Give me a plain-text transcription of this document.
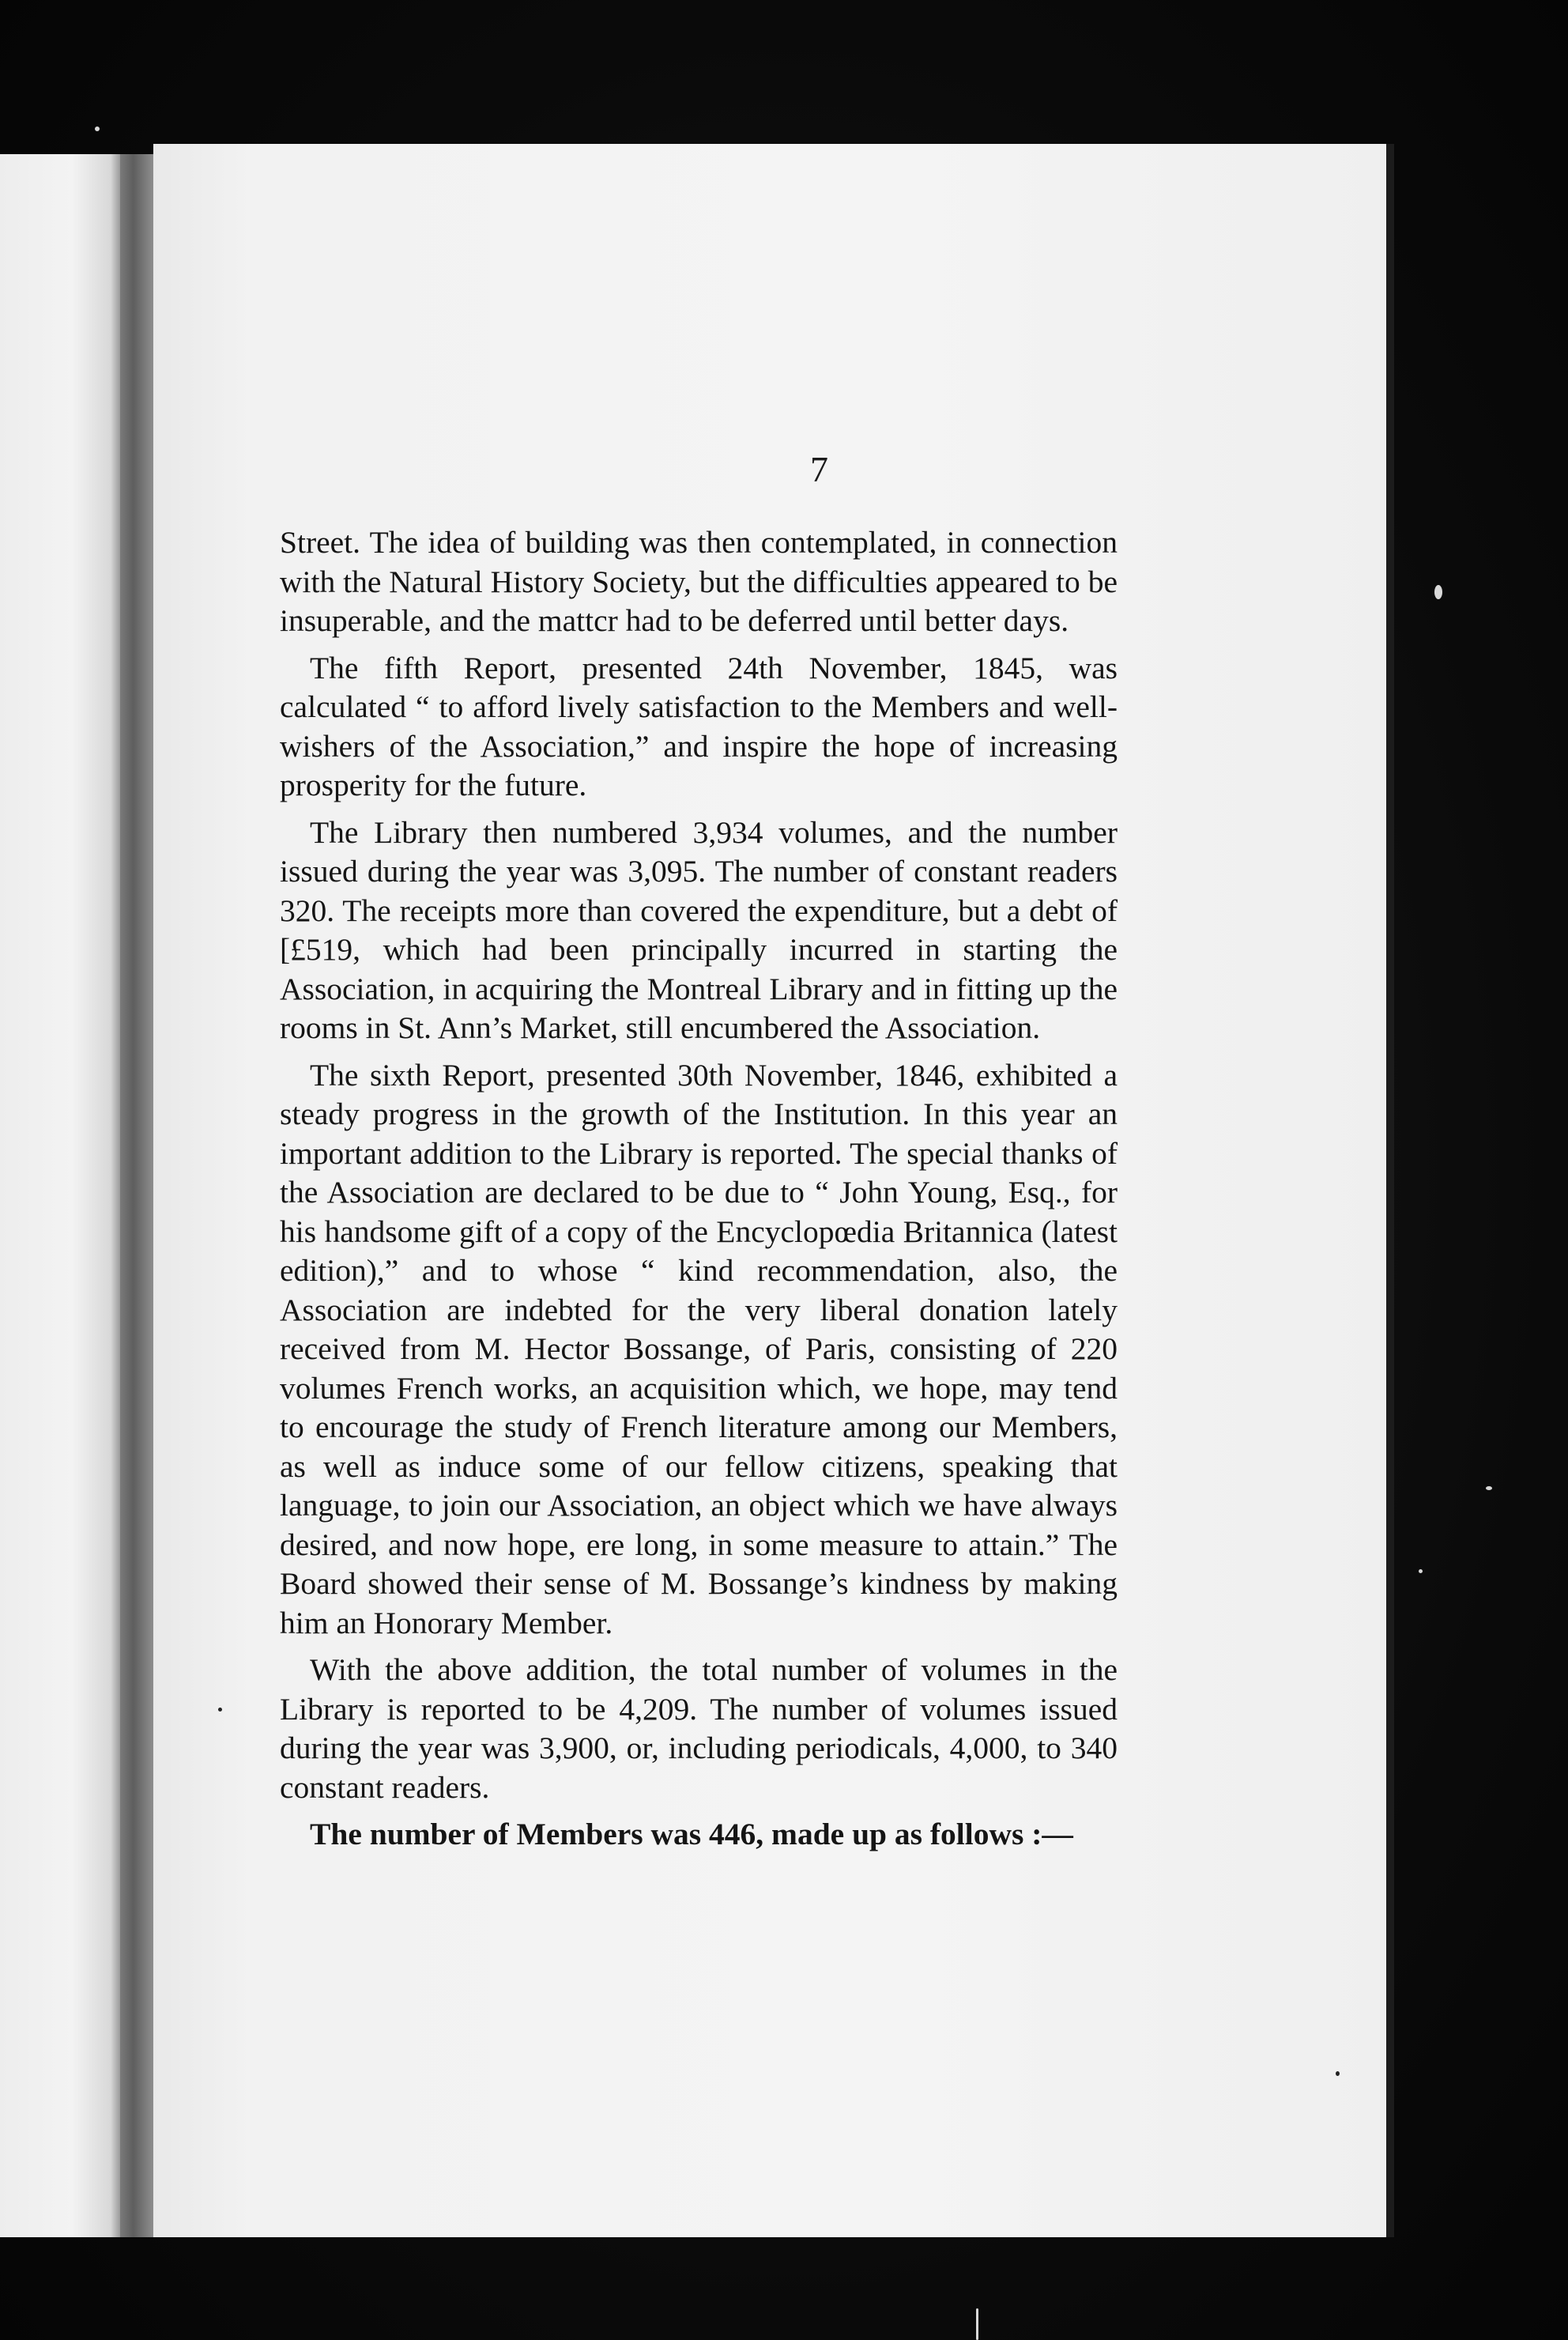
7

Street. The idea of building was then contemplated, in connection with the Natural History Society, but the difficulties appeared to be insuperable, and the mattcr had to be deferred until better days.

The fifth Report, presented 24th November, 1845, was calculated “ to afford lively satisfaction to the Members and well-wishers of the Association,” and inspire the hope of increasing prosperity for the future.

The Library then numbered 3,934 volumes, and the number issued during the year was 3,095. The number of constant readers 320. The receipts more than covered the expenditure, but a debt of [£519, which had been principally incurred in starting the Association, in acquiring the Montreal Library and in fitting up the rooms in St. Ann’s Market, still encumbered the Association.

The sixth Report, presented 30th November, 1846, exhibited a steady progress in the growth of the Institution. In this year an important addition to the Library is reported. The special thanks of the Association are declared to be due to “ John Young, Esq., for his handsome gift of a copy of the Encyclopœdia Britannica (latest edition),” and to whose “ kind recommendation, also, the Association are indebted for the very liberal donation lately received from M. Hector Bossange, of Paris, consisting of 220 volumes French works, an acquisition which, we hope, may tend to encourage the study of French literature among our Members, as well as induce some of our fellow citizens, speaking that language, to join our Association, an object which we have always desired, and now hope, ere long, in some measure to attain.” The Board showed their sense of M. Bossange’s kindness by making him an Honorary Member.

With the above addition, the total number of volumes in the Library is reported to be 4,209. The number of volumes issued during the year was 3,900, or, including periodicals, 4,000, to 340 constant readers.

The number of Members was 446, made up as follows :—
